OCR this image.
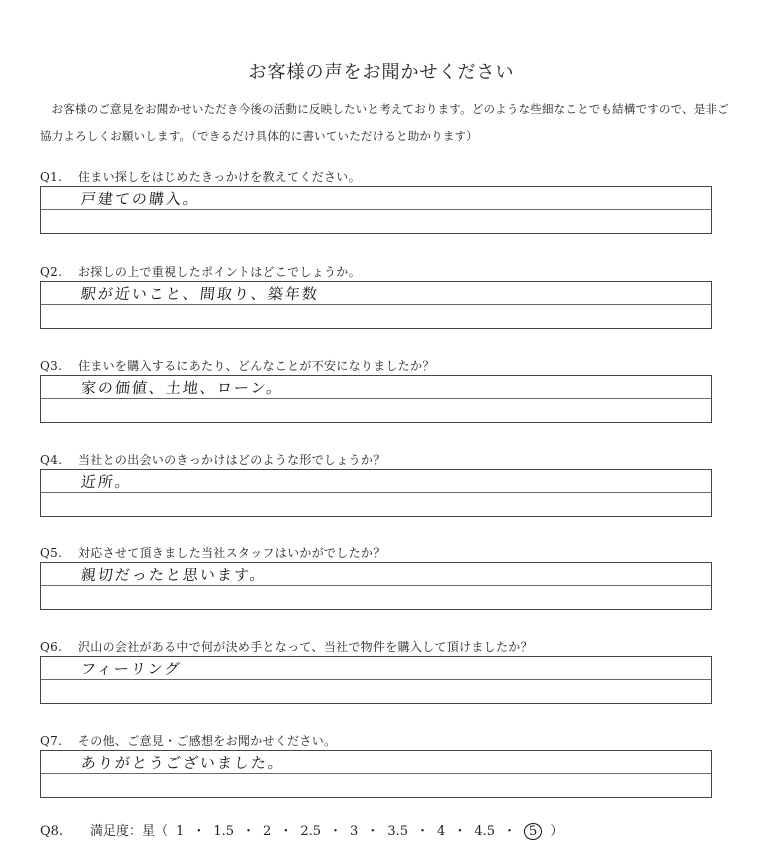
お客様の声をお聞かせください
お客様のご意見をお聞かせいただき今後の活動に反映したいと考えております。どのような些細なことでも結構ですので、是非ご協力よろしくお願いします。（できるだけ具体的に書いていただけると助かります）
Q1. 住まい探しをはじめたきっかけを教えてください。
戸建ての購入。
Q2. お探しの上で重視したポイントはどこでしょうか。
駅が近いこと、間取り、築年数
Q3. 住まいを購入するにあたり、どんなことが不安になりましたか？
家の価値、土地、ローン。
Q4. 当社との出会いのきっかけはどのような形でしょうか？
近所。
Q5. 対応させて頂きました当社スタッフはいかがでしたか？
親切だったと思います。
Q6. 沢山の会社がある中で何が決め手となって、当社で物件を購入して頂けましたか？
フィーリング
Q7. その他、ご意見・ご感想をお聞かせください。
ありがとうございました。
Q8. 満足度：星（ 1 ・ 1.5 ・ 2 ・ 2.5 ・ 3 ・ 3.5 ・ 4 ・ 4.5 ・ 5 ）
